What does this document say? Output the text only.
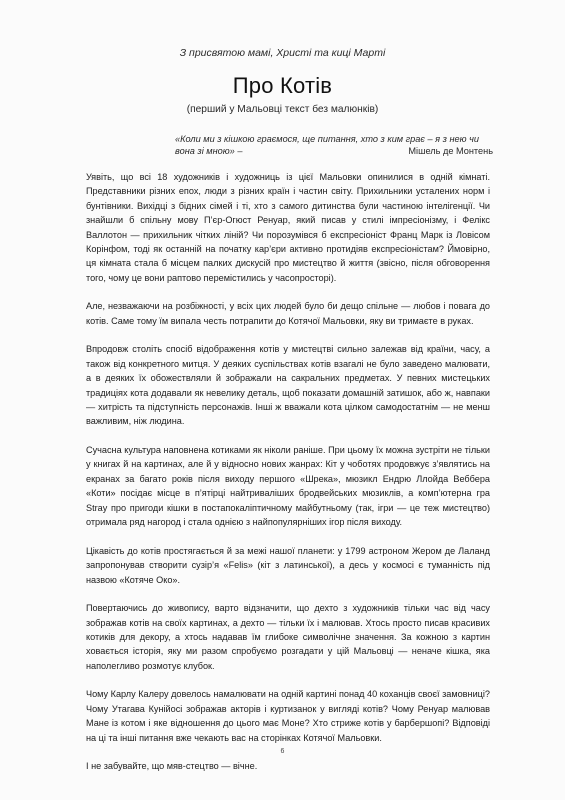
З присвятою мамі, Христі та киці Марті
Про Котів
(перший у Мальовці текст без малюнків)
«Коли ми з кішкою граємося, ще питання, хто з ким грає – я з нею чи вона зі мною» –	Мішель де Монтень

Уявіть, що всі 18 художників і художниць із цієї Мальовки опинилися в одній кімнаті. Представники різних епох, люди з різних країн і частин світу. Прихильники усталених норм і бунтівники. Вихідці з бідних сімей і ті, хто з самого дитинства були частиною інтелігенції. Чи знайшли б спільну мову П’єр-Огюст Ренуар, який писав у стилі імпресіонізму, і Фелікс Валлотон — прихильник чітких ліній? Чи порозумівся б експресіоніст Франц Марк із Ловісом Корінфом, тоді як останній на початку кар’єри активно протидіяв експресіоністам? Ймовірно, ця кімната стала б місцем палких дискусій про мистецтво й життя (звісно, після обговорення того, чому це вони раптово перемістились у часопросторі).

Але, незважаючи на розбіжності, у всіх цих людей було би дещо спільне — любов і повага до котів. Саме тому їм випала честь потрапити до Котячої Мальовки, яку ви тримаєте в руках.

Впродовж століть спосіб відображення котів у мистецтві сильно залежав від країни, часу, а також від конкретного митця. У деяких суспільствах котів взагалі не було заведено малювати, а в деяких їх обожествляли й зображали на сакральних предметах. У певних мистецьких традиціях кота додавали як невелику деталь, щоб показати домашній затишок, або ж, навпаки — хитрість та підступність персонажів. Інші ж вважали кота цілком самодостатнім — не менш важливим, ніж людина.

Сучасна культура наповнена котиками як ніколи раніше. При цьому їх можна зустріти не тільки у книгах й на картинах, але й у відносно нових жанрах: Кіт у чоботях продовжує з’являтись на екранах за багато років після виходу першого «Шрека», мюзикл Ендрю Ллойда Веббера «Коти» посідає місце в п’ятірці найтриваліших бродвейських мюзиклів, а комп’ютерна гра Stray про пригоди кішки в постапокаліптичному майбутньому (так, ігри — це теж мистецтво) отримала ряд нагород і стала однією з найпопулярніших ігор після виходу.

Цікавість до котів простягається й за межі нашої планети: у 1799 астроном Жером де Лаланд запропонував створити сузір’я «Felis» (кіт з латинської), а десь у космосі є туманність під назвою «Котяче Око».

Повертаючись до живопису, варто відзначити, що дехто з художників тільки час від часу зображав котів на своїх картинах, а дехто — тільки їх і малював. Хтось просто писав красивих котиків для декору, а хтось надавав їм глибоке символічне значення. За кожною з картин ховається історія, яку ми разом спробуємо розгадати у цій Мальовці — неначе кішка, яка наполегливо розмотує клубок.

Чому Карлу Калеру довелось намалювати на одній картині понад 40 коханців своєї замовниці? Чому Утагава Кунійосі зображав акторів і куртизанок у вигляді котів? Чому Ренуар малював Мане із котом і яке відношення до цього має Моне? Хто стриже котів у барбершопі? Відповіді на ці та інші питання вже чекають вас на сторінках Котячої Мальовки.

І не забувайте, що мяв-стецтво — вічне.

6
